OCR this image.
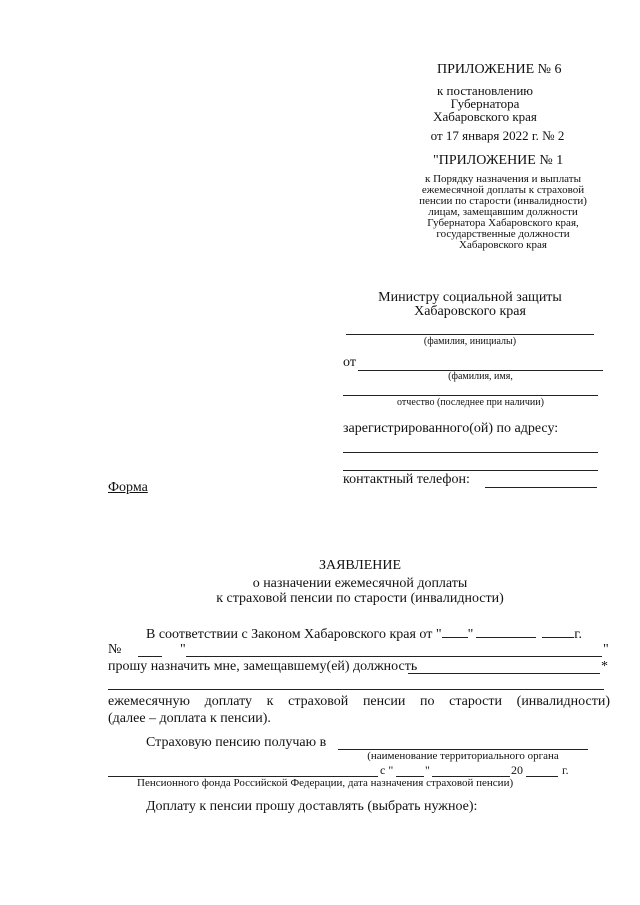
ПРИЛОЖЕНИЕ № 6
к постановлению
Губернатора
Хабаровского края
от 17 января 2022 г. № 2
"ПРИЛОЖЕНИЕ № 1
к Порядку назначения и выплаты
ежемесячной доплаты к страховой
пенсии по старости (инвалидности)
лицам, замещавшим должности
Губернатора Хабаровского края,
государственные должности
Хабаровского края
Министру социальной защиты
Хабаровского края
(фамилия, инициалы)
от
(фамилия, имя,
отчество (последнее при наличии)
зарегистрированного(ой) по адресу:
контактный телефон:
Форма
ЗАЯВЛЕНИЕ
о назначении ежемесячной доплаты
к страховой пенсии по старости (инвалидности)
В соответствии с Законом Хабаровского края от " "	г.
№	"	"
прошу назначить мне, замещавшему(ей) должность	*
ежемесячную доплату к страховой пенсии по старости (инвалидности)
(далее – доплата к пенсии).
Страховую пенсию получаю в
(наименование территориального органа
с "	"	20	г.
Пенсионного фонда Российской Федерации, дата назначения страховой пенсии)
Доплату к пенсии прошу доставлять (выбрать нужное):
